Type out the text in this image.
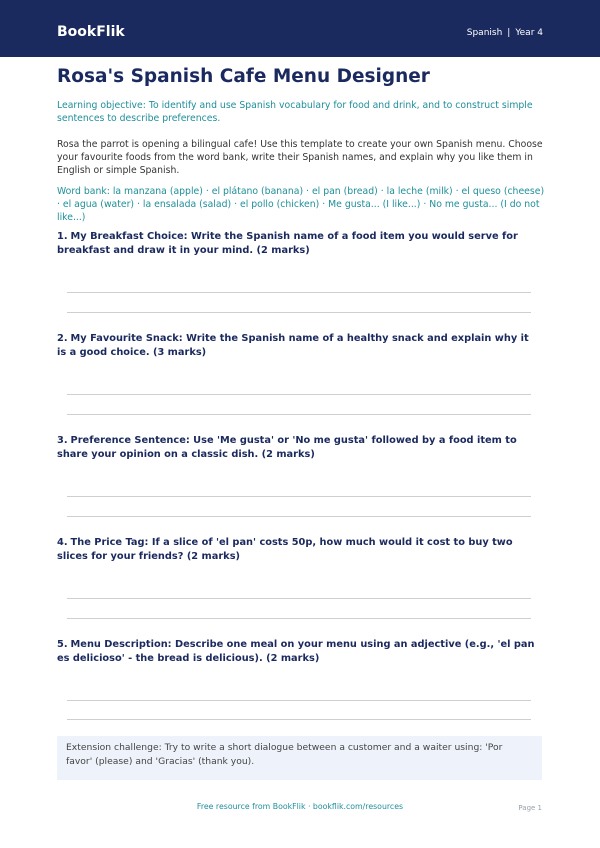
BookFlik	Spanish | Year 4
Rosa's Spanish Cafe Menu Designer

Learning objective: To identify and use Spanish vocabulary for food and drink, and to construct simple sentences to describe preferences.

Rosa the parrot is opening a bilingual cafe! Use this template to create your own Spanish menu. Choose your favourite foods from the word bank, write their Spanish names, and explain why you like them in English or simple Spanish.

Word bank: la manzana (apple) · el plátano (banana) · el pan (bread) · la leche (milk) · el queso (cheese) · el agua (water) · la ensalada (salad) · el pollo (chicken) · Me gusta... (I like...) · No me gusta... (I do not like...)

1. My Breakfast Choice: Write the Spanish name of a food item you would serve for breakfast and draw it in your mind. (2 marks)
2. My Favourite Snack: Write the Spanish name of a healthy snack and explain why it is a good choice. (3 marks)
3. Preference Sentence: Use 'Me gusta' or 'No me gusta' followed by a food item to share your opinion on a classic dish. (2 marks)
4. The Price Tag: If a slice of 'el pan' costs 50p, how much would it cost to buy two slices for your friends? (2 marks)
5. Menu Description: Describe one meal on your menu using an adjective (e.g., 'el pan es delicioso' - the bread is delicious). (2 marks)
Extension challenge: Try to write a short dialogue between a customer and a waiter using: 'Por favor' (please) and 'Gracias' (thank you).
Free resource from BookFlik · bookflik.com/resources	Page 1
